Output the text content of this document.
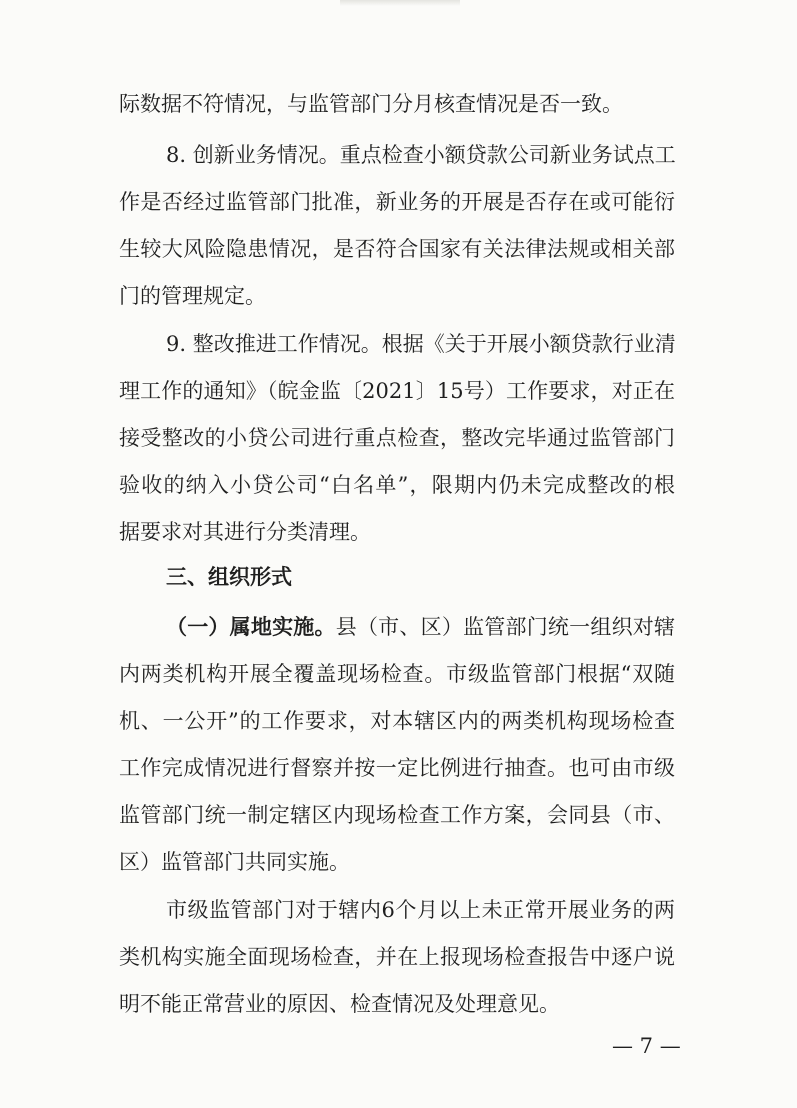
际数据不符情况，与监管部门分月核查情况是否一致。
8. 创新业务情况。重点检查小额贷款公司新业务试点工
作是否经过监管部门批准，新业务的开展是否存在或可能衍
生较大风险隐患情况，是否符合国家有关法律法规或相关部
门的管理规定。
9. 整改推进工作情况。根据《关于开展小额贷款行业清
理工作的通知》（皖金监〔2021〕15号）工作要求，对正在
接受整改的小贷公司进行重点检查，整改完毕通过监管部门
验收的纳入小贷公司“白名单”，限期内仍未完成整改的根
据要求对其进行分类清理。
三、组织形式
（一）属地实施。县（市、区）监管部门统一组织对辖
内两类机构开展全覆盖现场检查。市级监管部门根据“双随
机、一公开”的工作要求，对本辖区内的两类机构现场检查
工作完成情况进行督察并按一定比例进行抽查。也可由市级
监管部门统一制定辖区内现场检查工作方案，会同县（市、
区）监管部门共同实施。
市级监管部门对于辖内6个月以上未正常开展业务的两
类机构实施全面现场检查，并在上报现场检查报告中逐户说
明不能正常营业的原因、检查情况及处理意见。
— 7 —
